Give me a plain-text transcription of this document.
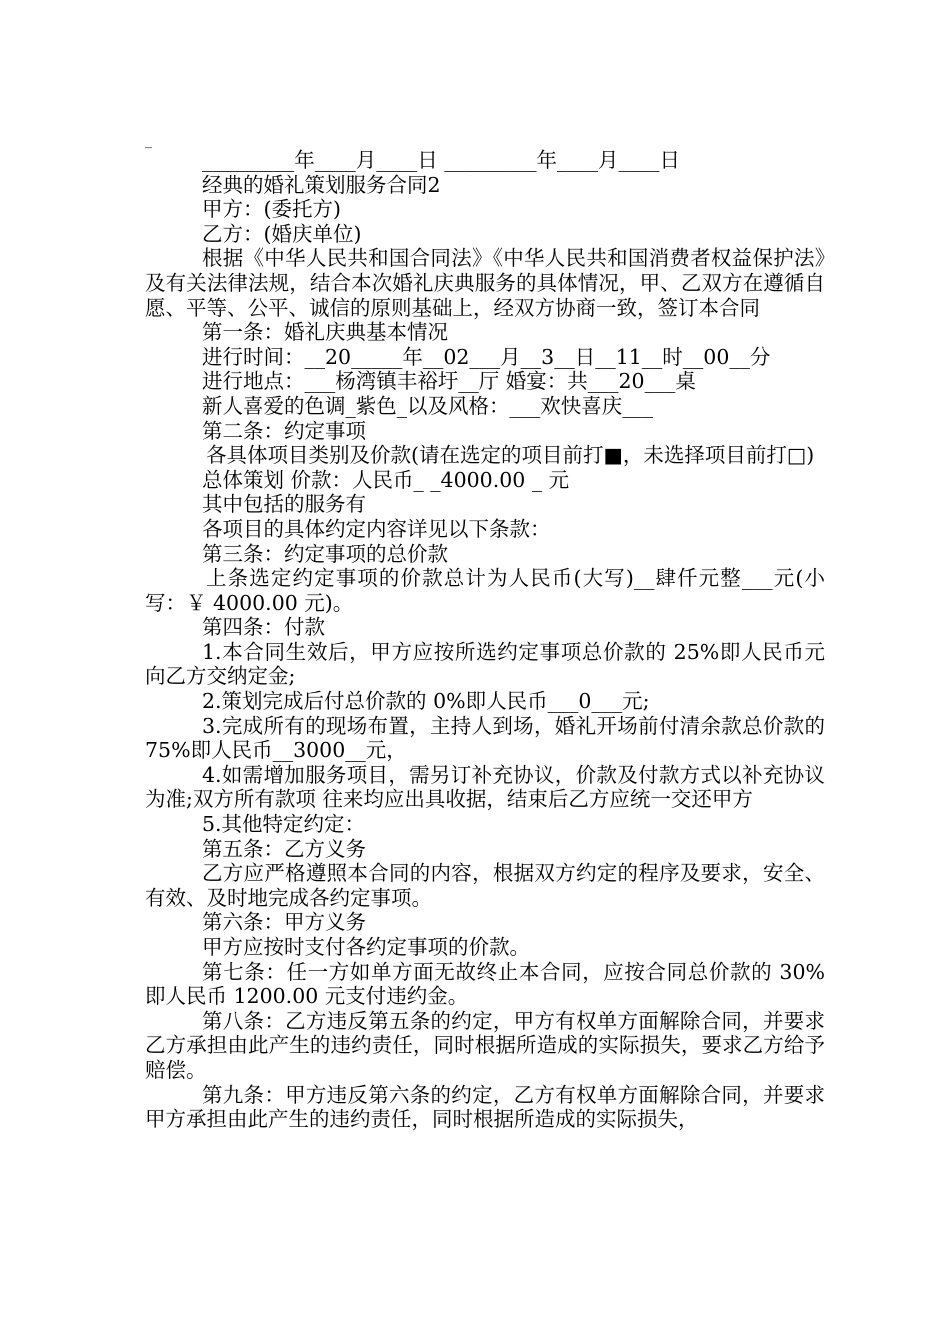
_
_________年____月____日 _________年____月____日
经典的婚礼策划服务合同2
甲方：(委托方)
乙方：(婚庆单位)
根据《中华人民共和国合同法》《中华人民共和国消费者权益保护法》及有关法律法规，结合本次婚礼庆典服务的具体情况，甲、乙双方在遵循自愿、平等、公平、诚信的原则基础上，经双方协商一致，签订本合同
第一条：婚礼庆典基本情况
进行时间：__20_____年__02___月__3__日__11__时__00__分
进行地点：___杨湾镇丰裕圩__厅 婚宴：共___20___桌
新人喜爱的色调_紫色_以及风格：___欢快喜庆___
第二条：约定事项
各具体项目类别及价款(请在选定的项目前打■，未选择项目前打□)
总体策划 价款：人民币_ _4000.00 _ 元
其中包括的服务有
各项目的具体约定内容详见以下条款：
第三条：约定事项的总价款
上条选定约定事项的价款总计为人民币(大写)__肆仟元整___元(小写：￥ 4000.00 元)。
第四条：付款
1.本合同生效后，甲方应按所选约定事项总价款的 25%即人民币元向乙方交纳定金;
2.策划完成后付总价款的 0%即人民币___0___元;
3.完成所有的现场布置，主持人到场，婚礼开场前付清余款总价款的 75%即人民币__3000__元，
4.如需增加服务项目，需另订补充协议，价款及付款方式以补充协议为准;双方所有款项 往来均应出具收据，结束后乙方应统一交还甲方
5.其他特定约定：
第五条：乙方义务
乙方应严格遵照本合同的内容，根据双方约定的程序及要求，安全、有效、及时地完成各约定事项。
第六条：甲方义务
甲方应按时支付各约定事项的价款。
第七条：任一方如单方面无故终止本合同，应按合同总价款的 30%即人民币 1200.00 元支付违约金。
第八条：乙方违反第五条的约定，甲方有权单方面解除合同，并要求乙方承担由此产生的违约责任，同时根据所造成的实际损失，要求乙方给予赔偿。
第九条：甲方违反第六条的约定，乙方有权单方面解除合同，并要求甲方承担由此产生的违约责任，同时根据所造成的实际损失，
